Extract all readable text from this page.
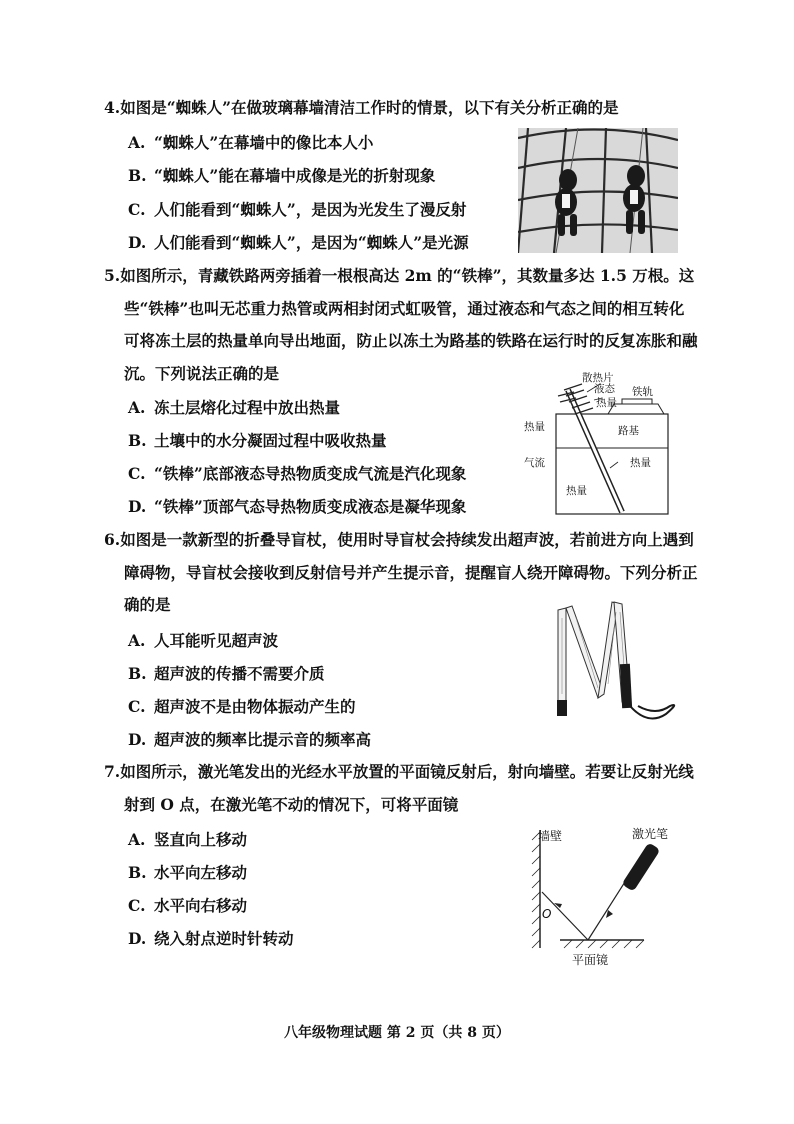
4.如图是“蜘蛛人”在做玻璃幕墙清洁工作时的情景，以下有关分析正确的是
A. “蜘蛛人”在幕墙中的像比本人小
B. “蜘蛛人”能在幕墙中成像是光的折射现象
C. 人们能看到“蜘蛛人”，是因为光发生了漫反射
D. 人们能看到“蜘蛛人”，是因为“蜘蛛人”是光源
5.如图所示，青藏铁路两旁插着一根根高达 2m 的“铁棒”，其数量多达 1.5 万根。这
些“铁棒”也叫无芯重力热管或两相封闭式虹吸管，通过液态和气态之间的相互转化
可将冻土层的热量单向导出地面，防止以冻土为路基的铁路在运行时的反复冻胀和融
沉。下列说法正确的是
A. 冻土层熔化过程中放出热量
B. 土壤中的水分凝固过程中吸收热量
C. “铁棒”底部液态导热物质变成气流是汽化现象
D. “铁棒”顶部气态导热物质变成液态是凝华现象
散热片
液态
热量
铁轨
路基
热量
气流	热量
热量
6.如图是一款新型的折叠导盲杖，使用时导盲杖会持续发出超声波，若前进方向上遇到
障碍物，导盲杖会接收到反射信号并产生提示音，提醒盲人绕开障碍物。下列分析正
确的是
A. 人耳能听见超声波
B. 超声波的传播不需要介质
C. 超声波不是由物体振动产生的
D. 超声波的频率比提示音的频率高
7.如图所示，激光笔发出的光经水平放置的平面镜反射后，射向墙壁。若要让反射光线
射到 O 点，在激光笔不动的情况下，可将平面镜
A. 竖直向上移动
B. 水平向左移动
C. 水平向右移动
D. 绕入射点逆时针转动
墙壁	激光笔
O
平面镜
八年级物理试题 第 2 页（共 8 页）
